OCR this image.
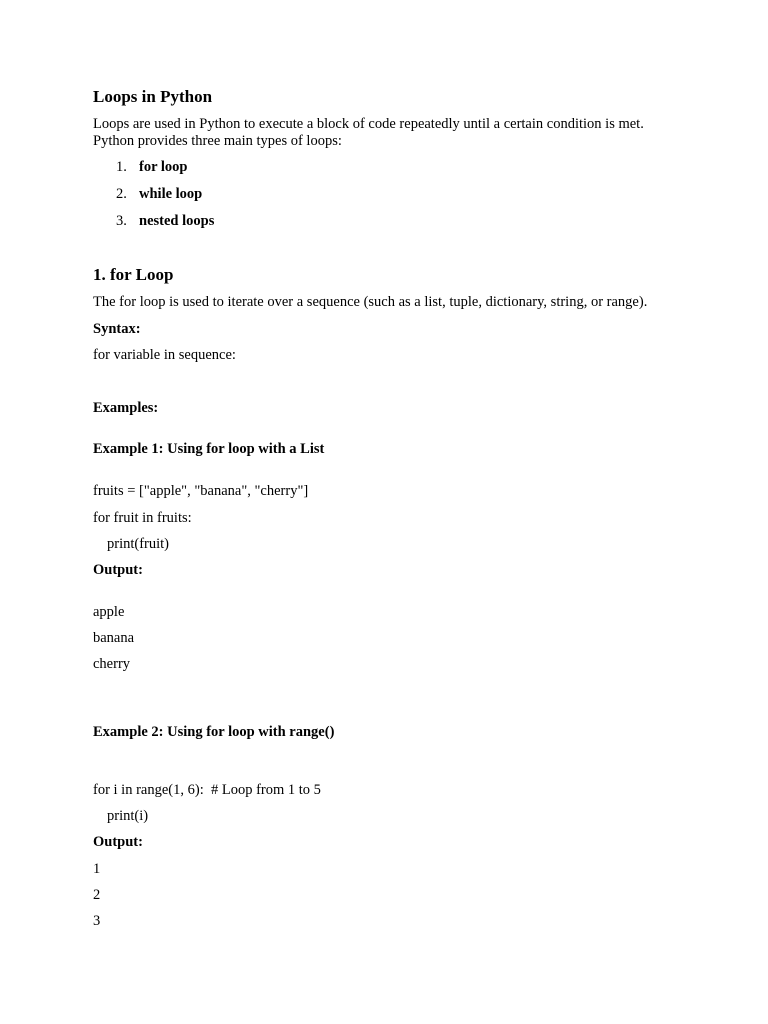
Loops in Python
Loops are used in Python to execute a block of code repeatedly until a certain condition is met.
Python provides three main types of loops:
1. for loop
2. while loop
3. nested loops
1. for Loop
The for loop is used to iterate over a sequence (such as a list, tuple, dictionary, string, or range).
Syntax:
for variable in sequence:
Examples:
Example 1: Using for loop with a List
fruits = ["apple", "banana", "cherry"]
for fruit in fruits:
print(fruit)
Output:
apple
banana
cherry
Example 2: Using for loop with range()
for i in range(1, 6):  # Loop from 1 to 5
print(i)
Output:
1
2
3
